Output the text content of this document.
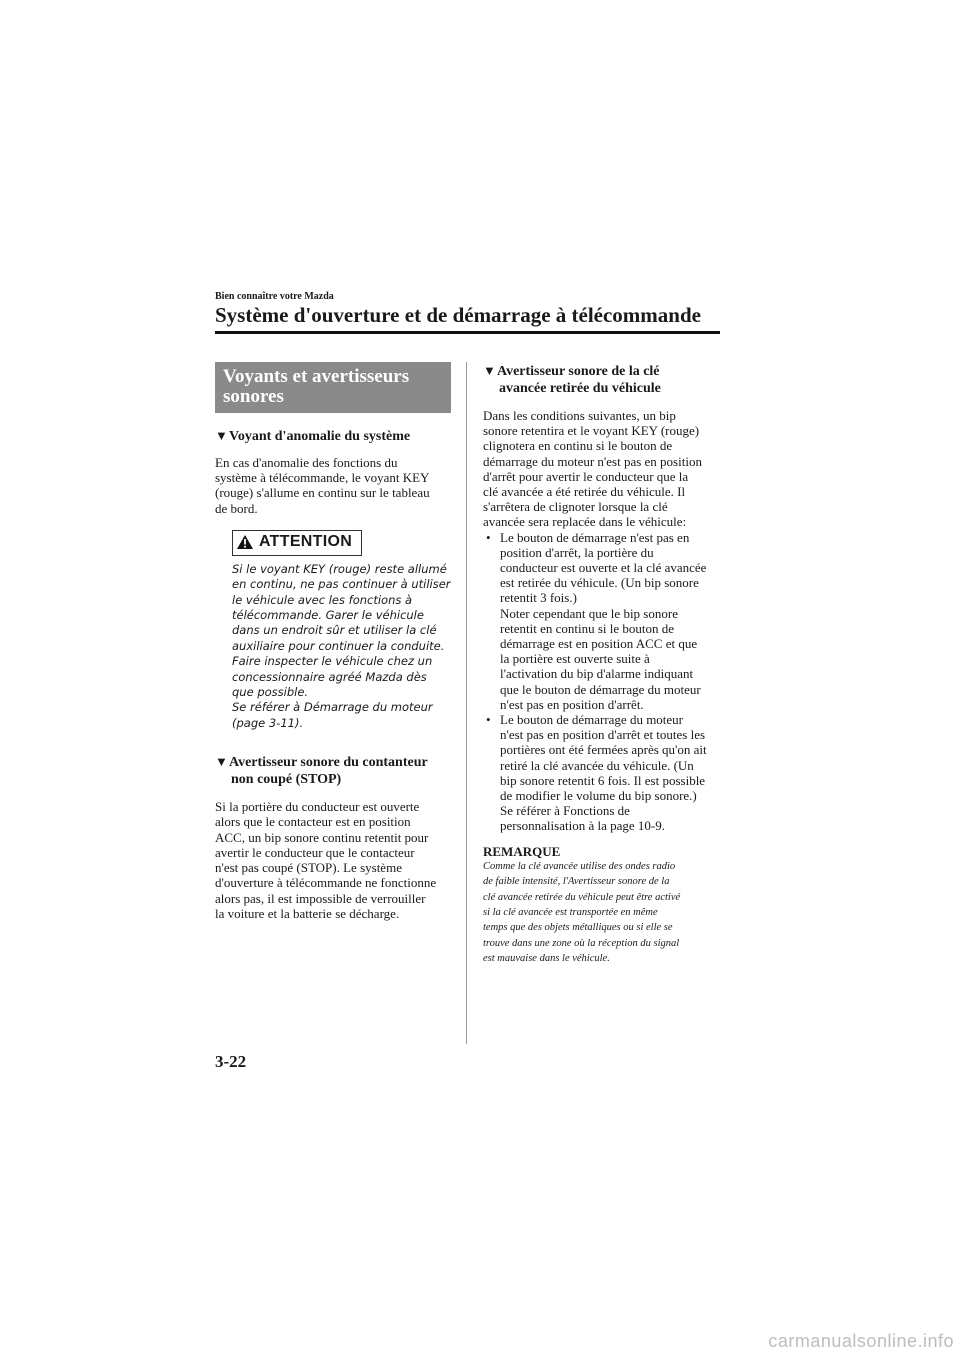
Bien connaître votre Mazda
Système d'ouverture et de démarrage à télécommande
Voyants et avertisseurs
sonores
▼Voyant d'anomalie du système

En cas d'anomalie des fonctions du
système à télécommande, le voyant KEY
(rouge) s'allume en continu sur le tableau
de bord.

ATTENTION

Si le voyant KEY (rouge) reste allumé
en continu, ne pas continuer à utiliser
le véhicule avec les fonctions à
télécommande. Garer le véhicule
dans un endroit sûr et utiliser la clé
auxiliaire pour continuer la conduite.
Faire inspecter le véhicule chez un
concessionnaire agréé Mazda dès
que possible.
Se référer à Démarrage du moteur
(page 3-11).

▼Avertisseur sonore du contanteur
non coupé (STOP)

Si la portière du conducteur est ouverte
alors que le contacteur est en position
ACC, un bip sonore continu retentit pour
avertir le conducteur que le contacteur
n'est pas coupé (STOP). Le système
d'ouverture à télécommande ne fonctionne
alors pas, il est impossible de verrouiller
la voiture et la batterie se décharge.

▼Avertisseur sonore de la clé
avancée retirée du véhicule

Dans les conditions suivantes, un bip
sonore retentira et le voyant KEY (rouge)
clignotera en continu si le bouton de
démarrage du moteur n'est pas en position
d'arrêt pour avertir le conducteur que la
clé avancée a été retirée du véhicule. Il
s'arrêtera de clignoter lorsque la clé
avancée sera replacée dans le véhicule:

• Le bouton de démarrage n'est pas en
position d'arrêt, la portière du
conducteur est ouverte et la clé avancée
est retirée du véhicule. (Un bip sonore
retentit 3 fois.)
Noter cependant que le bip sonore
retentit en continu si le bouton de
démarrage est en position ACC et que
la portière est ouverte suite à
l'activation du bip d'alarme indiquant
que le bouton de démarrage du moteur
n'est pas en position d'arrêt.
• Le bouton de démarrage du moteur
n'est pas en position d'arrêt et toutes les
portières ont été fermées après qu'on ait
retiré la clé avancée du véhicule. (Un
bip sonore retentit 6 fois. Il est possible
de modifier le volume du bip sonore.)
Se référer à Fonctions de
personnalisation à la page 10-9.

REMARQUE

Comme la clé avancée utilise des ondes radio
de faible intensité, l'Avertisseur sonore de la
clé avancée retirée du véhicule peut être activé
si la clé avancée est transportée en même
temps que des objets métalliques ou si elle se
trouve dans une zone où la réception du signal
est mauvaise dans le véhicule.

3-22
carmanualsonline.info
